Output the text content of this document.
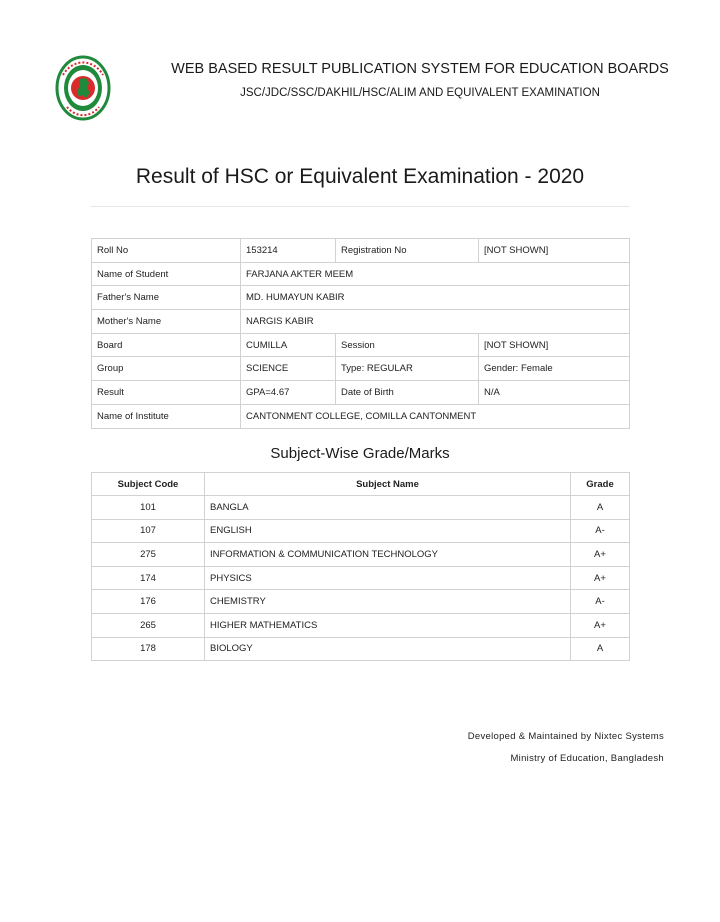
WEB BASED RESULT PUBLICATION SYSTEM FOR EDUCATION BOARDS
JSC/JDC/SSC/DAKHIL/HSC/ALIM AND EQUIVALENT EXAMINATION
Result of HSC or Equivalent Examination - 2020
Roll No	153214	Registration No	[NOT SHOWN]
Name of Student	FARJANA AKTER MEEM		
Father's Name	MD. HUMAYUN KABIR		
Mother's Name	NARGIS KABIR		
Board	CUMILLA	Session	[NOT SHOWN]
Group	SCIENCE	Type: REGULAR	Gender: Female
Result	GPA=4.67	Date of Birth	N/A
Name of Institute	CANTONMENT COLLEGE, COMILLA CANTONMENT		
Subject-Wise Grade/Marks
Subject Code	Subject Name	Grade
101	BANGLA	A
107	ENGLISH	A-
275	INFORMATION & COMMUNICATION TECHNOLOGY	A+
174	PHYSICS	A+
176	CHEMISTRY	A-
265	HIGHER MATHEMATICS	A+
178	BIOLOGY	A
Developed & Maintained by Nixtec Systems
Ministry of Education, Bangladesh
